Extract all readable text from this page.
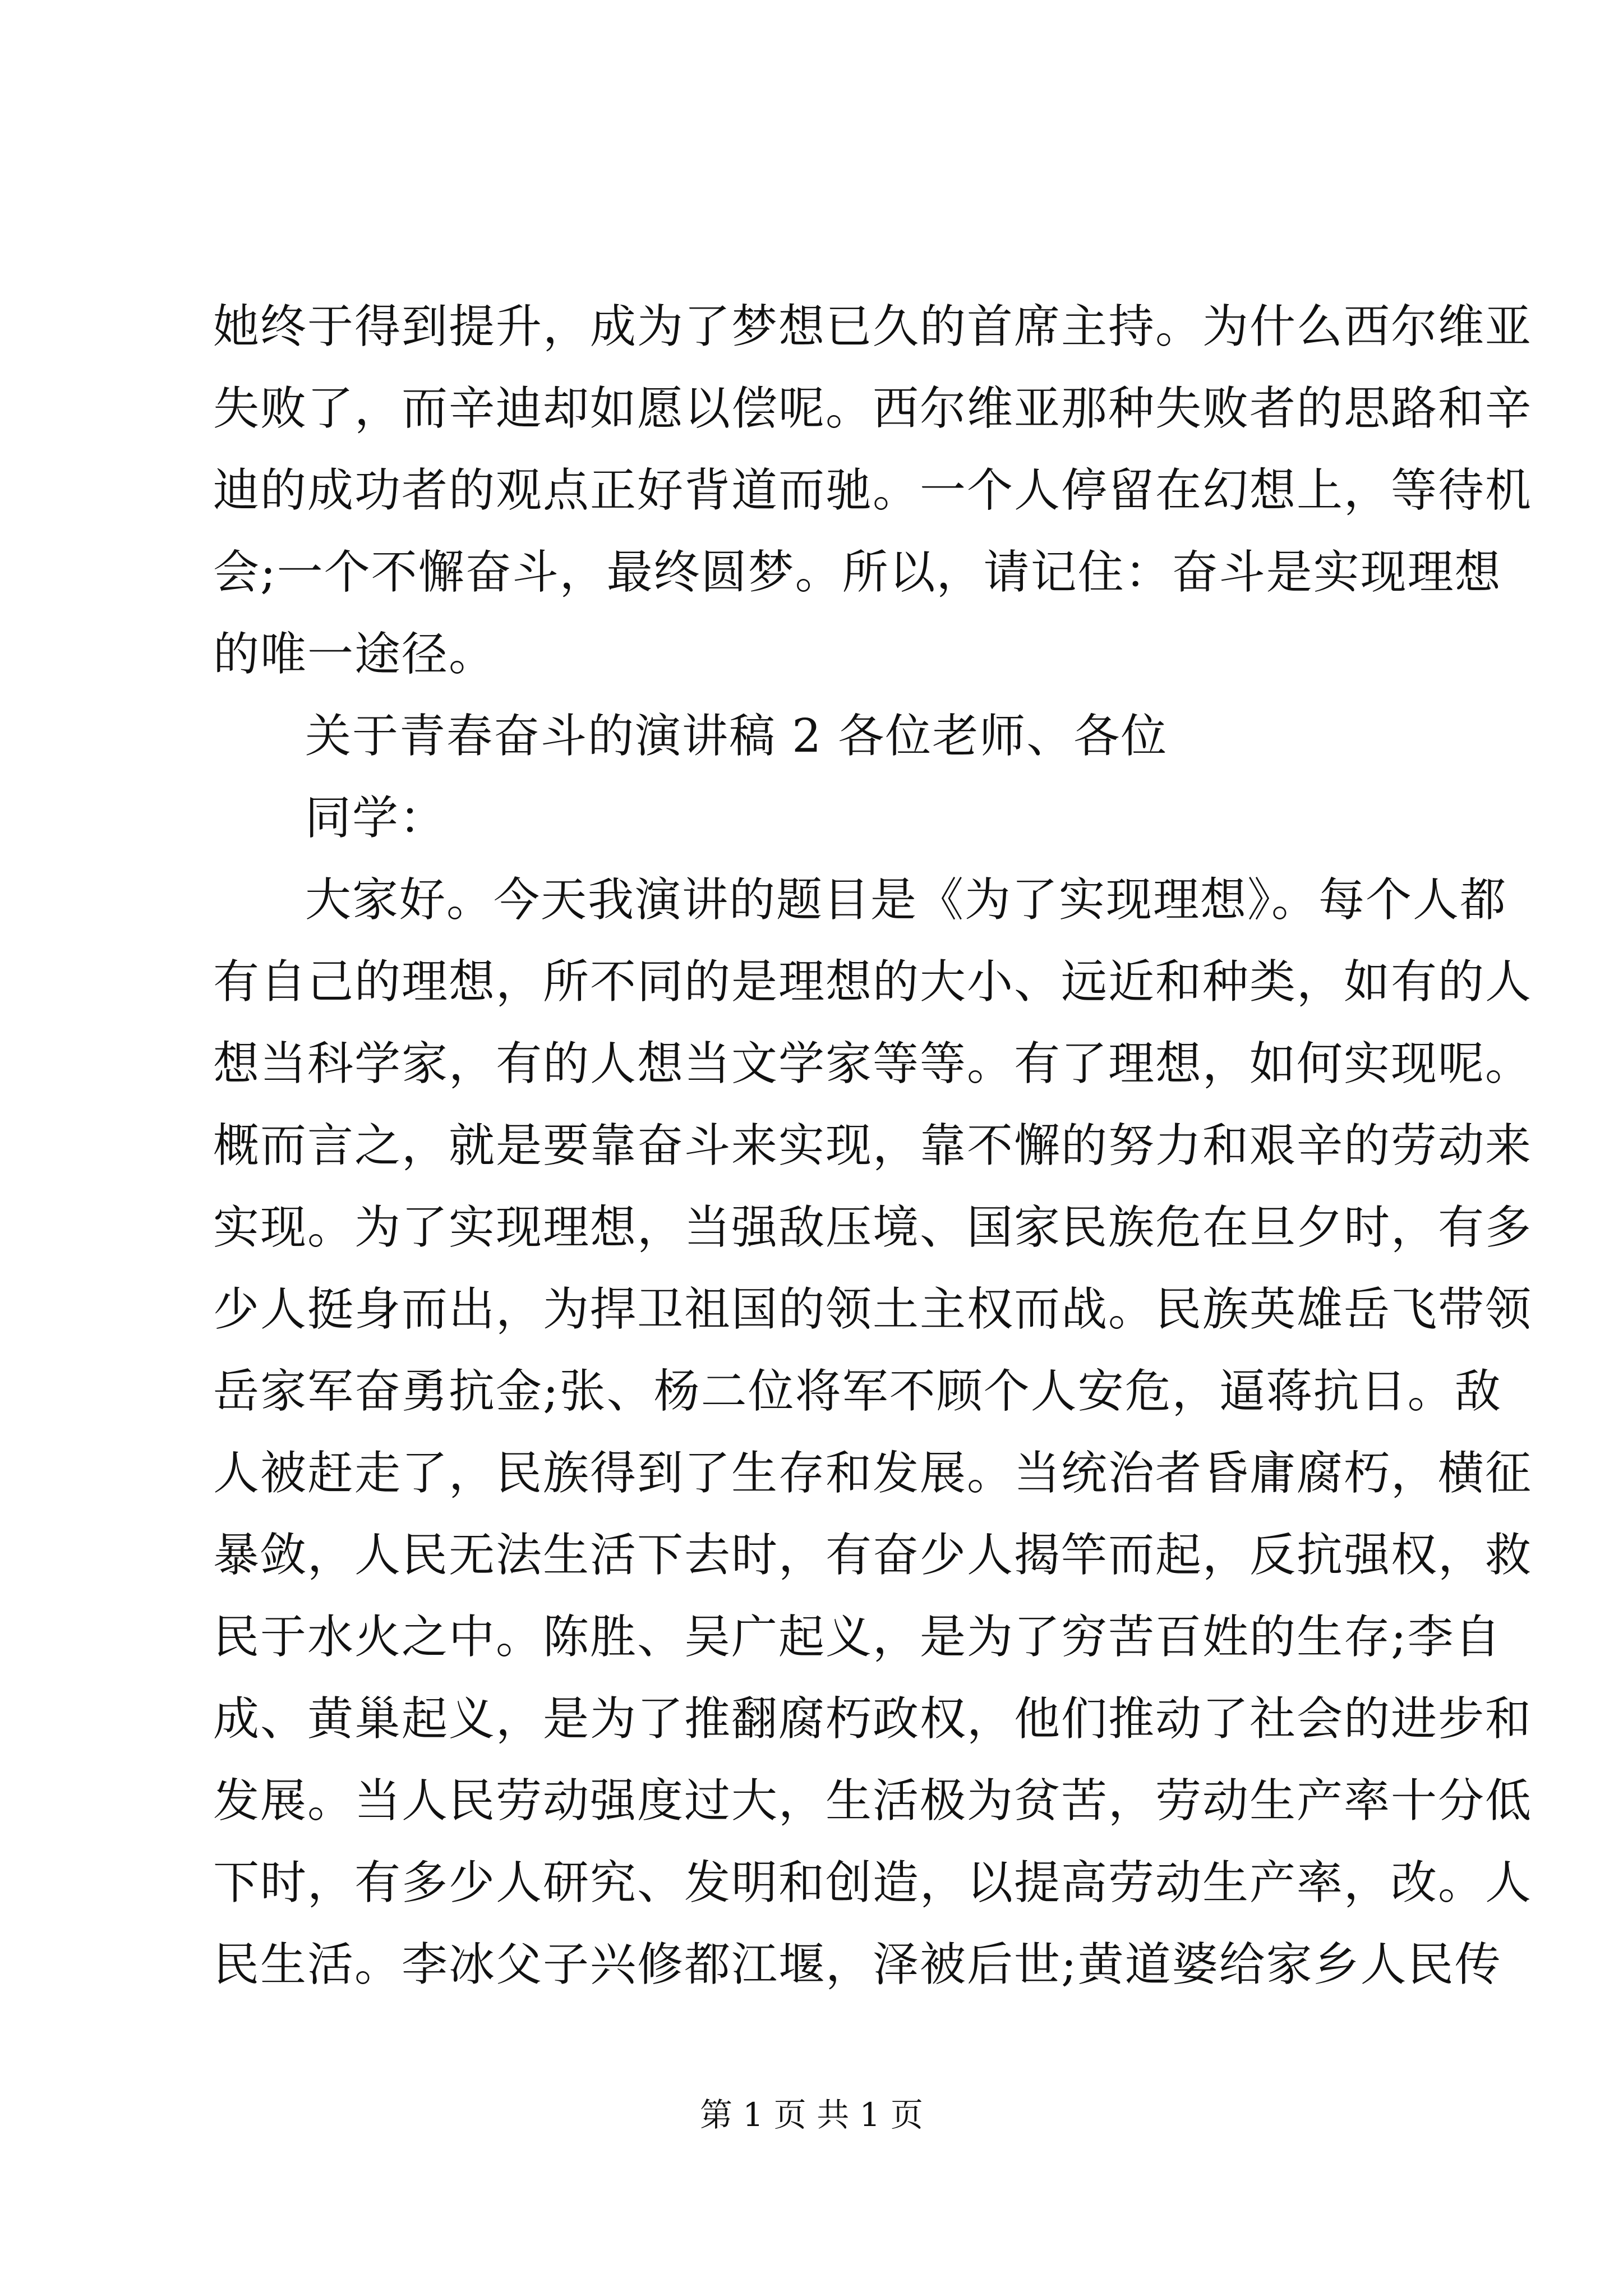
她终于得到提升，成为了梦想已久的首席主持。为什么西尔维亚
失败了，而辛迪却如愿以偿呢。西尔维亚那种失败者的思路和辛
迪的成功者的观点正好背道而驰。一个人停留在幻想上，等待机
会;一个不懈奋斗，最终圆梦。所以，请记住：奋斗是实现理想
的唯一途径。
关于青春奋斗的演讲稿 2 各位老师、各位
同学：
大家好。今天我演讲的题目是《为了实现理想》。每个人都
有自己的理想，所不同的是理想的大小、远近和种类，如有的人
想当科学家，有的人想当文学家等等。有了理想，如何实现呢。
概而言之，就是要靠奋斗来实现，靠不懈的努力和艰辛的劳动来
实现。为了实现理想，当强敌压境、国家民族危在旦夕时，有多
少人挺身而出，为捍卫祖国的领土主权而战。民族英雄岳飞带领
岳家军奋勇抗金;张、杨二位将军不顾个人安危，逼蒋抗日。敌
人被赶走了，民族得到了生存和发展。当统治者昏庸腐朽，横征
暴敛，人民无法生活下去时，有奋少人揭竿而起，反抗强权，救
民于水火之中。陈胜、吴广起义，是为了穷苦百姓的生存;李自
成、黄巢起义，是为了推翻腐朽政权，他们推动了社会的进步和
发展。当人民劳动强度过大，生活极为贫苦，劳动生产率十分低
下时，有多少人研究、发明和创造，以提高劳动生产率，改。人
民生活。李冰父子兴修都江堰，泽被后世;黄道婆给家乡人民传
第 1 页 共 1 页
